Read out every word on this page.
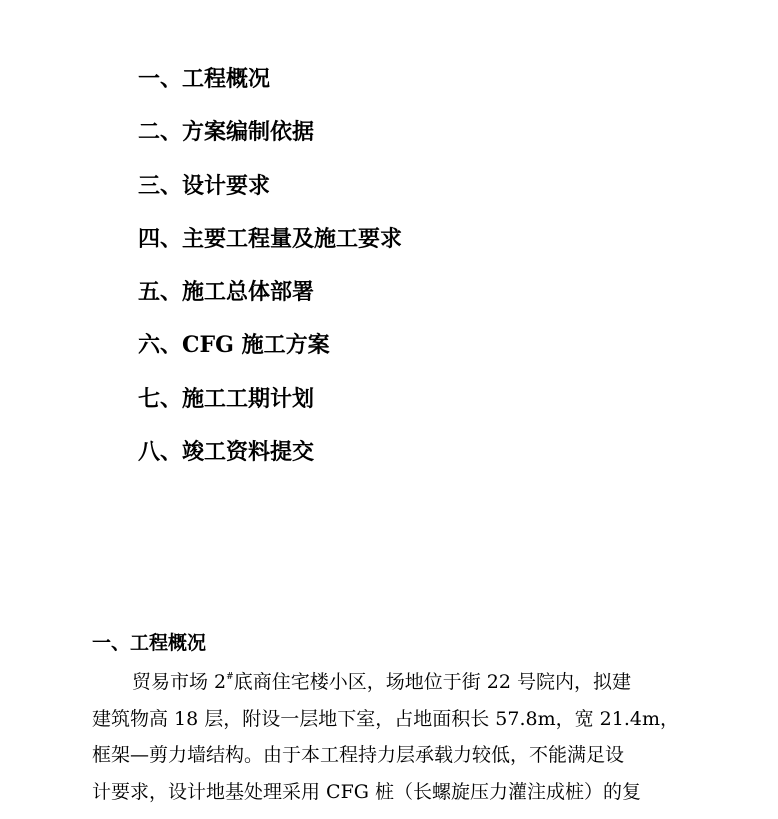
一、工程概况
二、方案编制依据
三、设计要求
四、主要工程量及施工要求
五、施工总体部署
六、CFG 施工方案
七、施工工期计划
八、竣工资料提交
一、工程概况
贸易市场 2#底商住宅楼小区，场地位于街 22 号院内，拟建
建筑物高 18 层，附设一层地下室，占地面积长 57.8m，宽 21.4m，
框架—剪力墙结构。由于本工程持力层承载力较低，不能满足设
计要求，设计地基处理采用 CFG 桩（长螺旋压力灌注成桩）的复
